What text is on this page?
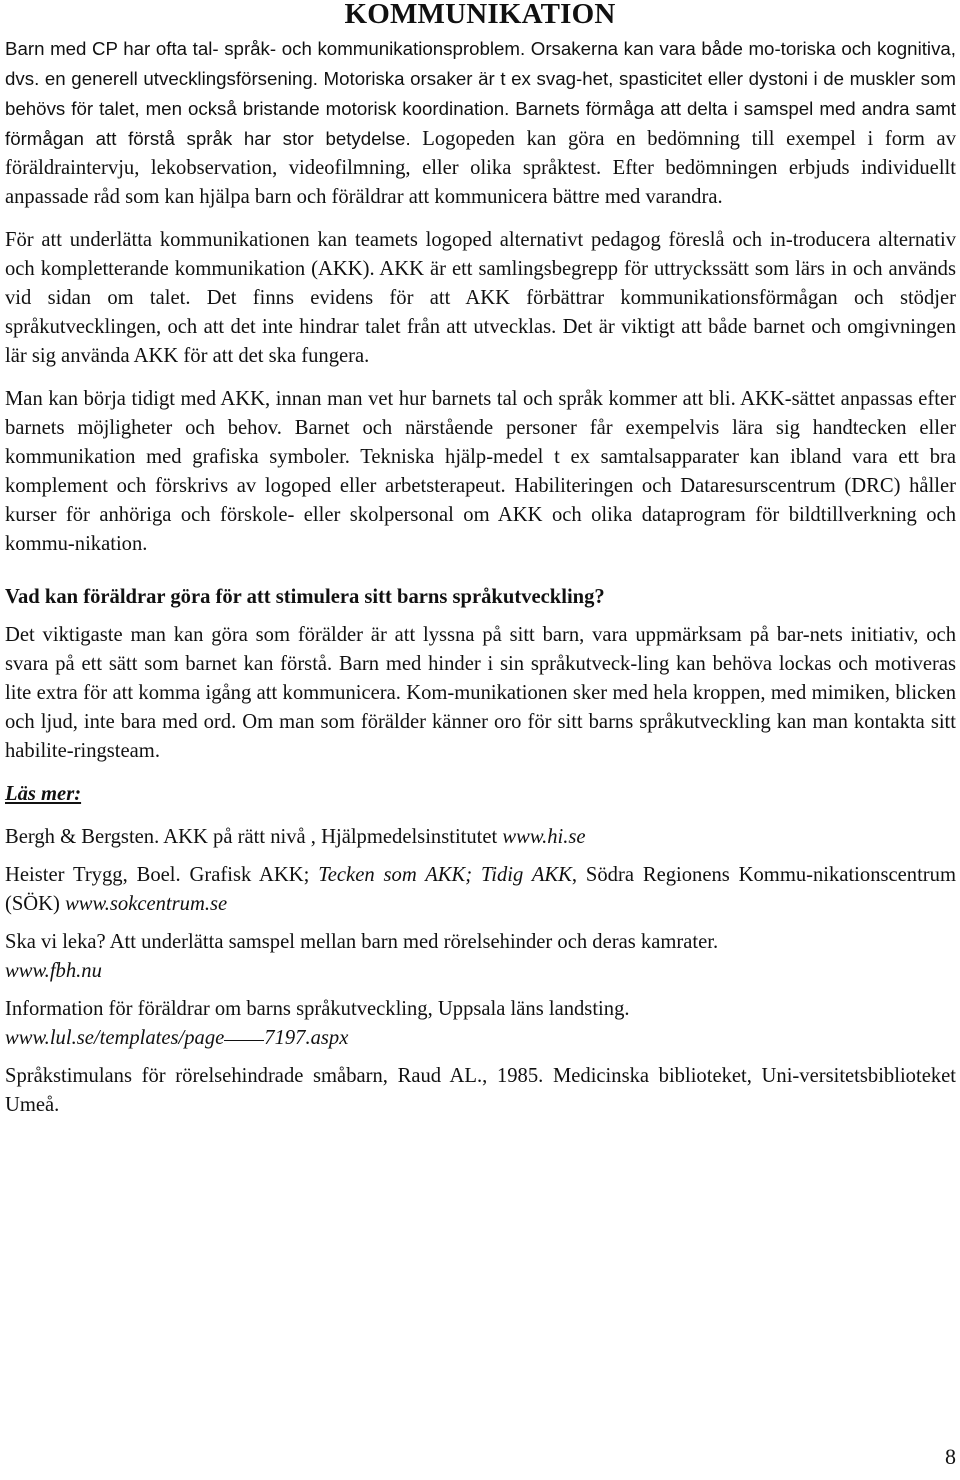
KOMMUNIKATION

Barn med CP har ofta tal- språk- och kommunikationsproblem. Orsakerna kan vara både mo-toriska och kognitiva, dvs. en generell utvecklingsförsening. Motoriska orsaker är t ex svag-het, spasticitet eller dystoni i de muskler som behövs för talet, men också bristande motorisk koordination. Barnets förmåga att delta i samspel med andra samt förmågan att förstå språk har stor betydelse. Logopeden kan göra en bedömning till exempel i form av föräldraintervju, lekobservation, videofilmning, eller olika språktest. Efter bedömningen erbjuds individuellt anpassade råd som kan hjälpa barn och föräldrar att kommunicera bättre med varandra.

För att underlätta kommunikationen kan teamets logoped alternativt pedagog föreslå och in-troducera alternativ och kompletterande kommunikation (AKK). AKK är ett samlingsbegrepp för uttryckssätt som lärs in och används vid sidan om talet. Det finns evidens för att AKK förbättrar kommunikationsförmågan och stödjer språkutvecklingen, och att det inte hindrar talet från att utvecklas. Det är viktigt att både barnet och omgivningen lär sig använda AKK för att det ska fungera.

Man kan börja tidigt med AKK, innan man vet hur barnets tal och språk kommer att bli. AKK-sättet anpassas efter barnets möjligheter och behov. Barnet och närstående personer får exempelvis lära sig handtecken eller kommunikation med grafiska symboler. Tekniska hjälp-medel t ex samtalsapparater kan ibland vara ett bra komplement och förskrivs av logoped eller arbetsterapeut. Habiliteringen och Dataresurscentrum (DRC) håller kurser för anhöriga och förskole- eller skolpersonal om AKK och olika dataprogram för bildtillverkning och kommu-nikation.

Vad kan föräldrar göra för att stimulera sitt barns språkutveckling?

Det viktigaste man kan göra som förälder är att lyssna på sitt barn, vara uppmärksam på bar-nets initiativ, och svara på ett sätt som barnet kan förstå. Barn med hinder i sin språkutveck-ling kan behöva lockas och motiveras lite extra för att komma igång att kommunicera. Kom-munikationen sker med hela kroppen, med mimiken, blicken och ljud, inte bara med ord. Om man som förälder känner oro för sitt barns språkutveckling kan man kontakta sitt habilite-ringsteam.

Läs mer:

Bergh & Bergsten. AKK på rätt nivå , Hjälpmedelsinstitutet www.hi.se

Heister Trygg, Boel. Grafisk AKK; Tecken som AKK; Tidig AKK, Södra Regionens Kommu-nikationscentrum (SÖK) www.sokcentrum.se

Ska vi leka? Att underlätta samspel mellan barn med rörelsehinder och deras kamrater.
www.fbh.nu

Information för föräldrar om barns språkutveckling, Uppsala läns landsting.
www.lul.se/templates/page 7197.aspx

Språkstimulans för rörelsehindrade småbarn, Raud AL., 1985. Medicinska biblioteket, Uni-versitetsbiblioteket Umeå.

8
